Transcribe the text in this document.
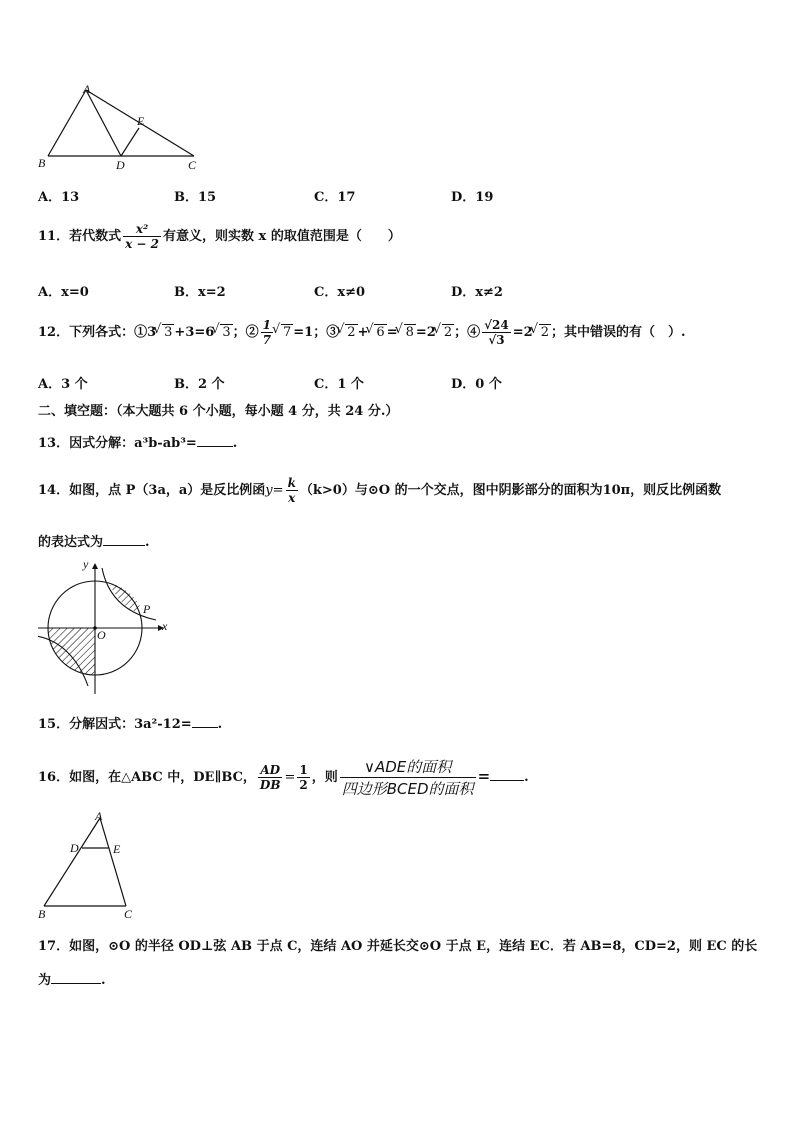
A
B	C
D
E
A．13	B．15	C．17	D．19
11．若代数式 $\frac{\text{x²}}{x - 2}$ 有意义，则实数 x 的取值范围是（　　）
A．x=0	B．x=2	C．x≠0	D．x≠2
12．下列各式：①3√ 3 +3=6√ 3 ；② $\frac{1}{7}$
√ 7 =1；③√ 2 +√ 6 =√ 8 =2√ 2 ；④ $\frac{√24}{√3} =2√$ 2 ；其中错误的有（　）.
A．3 个	B．2 个	C．1 个	D．0 个
二、填空题：（本大题共 6 个小题，每小题 4 分，共 24 分.）
13．因式分解：a³b-ab³=	.
14．如图，点 P（3a，a）是反比例函$y= \frac{k}{x} (k>0)$与⊙O 的一个交点，图中阴影部分的面积为10π，则反比例函数
的表达式为	.
y
x
O
P
15．分解因式：3a²-12= .
16．如图，在△ABC 中，DE∥BC， $\frac{AD}{DB} = \frac{1}{2}$ ，则 $\frac{\text{∨ADE的面积}}{\text{四边形BCED的面积}}$ =	.
A
D	E
B	C
17．如图，⊙O 的半径 OD⊥弦 AB 于点 C，连结 AO 并延长交⊙O 于点 E，连结 EC．若 AB=8，CD=2，则 EC 的长
为	.
